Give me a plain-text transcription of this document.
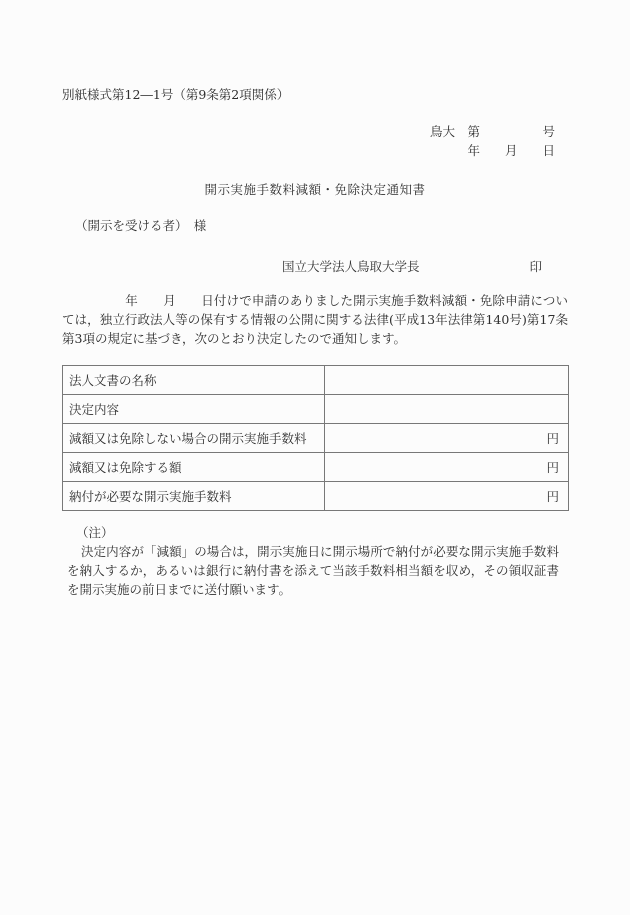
別紙様式第12―1号（第9条第2項関係）
鳥大　第　　　　　号
年　　月　　日
開示実施手数料減額・免除決定通知書
（開示を受ける者）　様
国立大学法人鳥取大学長	印

　　　　　年　　月　　日付けで申請のありました開示実施手数料減額・免除申請については，独立行政法人等の保有する情報の公開に関する法律(平成13年法律第140号)第17条第3項の規定に基づき，次のとおり決定したので通知します。

法人文書の名称	
決定内容	
減額又は免除しない場合の開示実施手数料	円
減額又は免除する額	円
納付が必要な開示実施手数料	円
（注）

決定内容が「減額」の場合は，開示実施日に開示場所で納付が必要な開示実施手数料を納入するか，あるいは銀行に納付書を添えて当該手数料相当額を収め，その領収証書を開示実施の前日までに送付願います。
